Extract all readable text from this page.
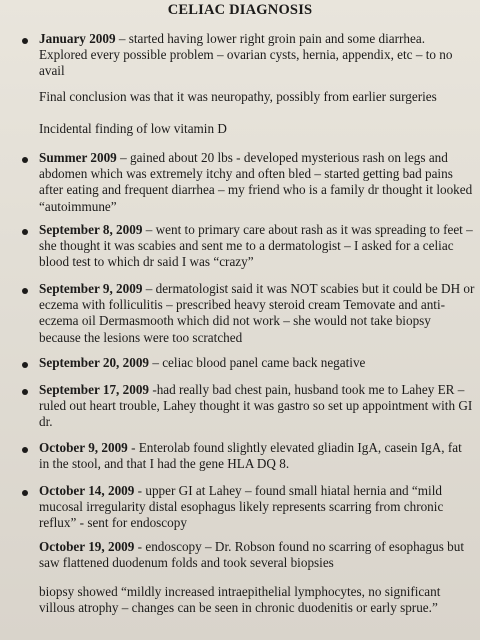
CELIAC DIAGNOSIS
January 2009 – started having lower right groin pain and some diarrhea. Explored every possible problem – ovarian cysts, hernia, appendix, etc – to no avail
Final conclusion was that it was neuropathy, possibly from earlier surgeries
Incidental finding of low vitamin D
Summer 2009 – gained about 20 lbs - developed mysterious rash on legs and abdomen which was extremely itchy and often bled – started getting bad pains after eating and frequent diarrhea – my friend who is a family dr thought it looked “autoimmune”
September 8, 2009 – went to primary care about rash as it was spreading to feet – she thought it was scabies and sent me to a dermatologist – I asked for a celiac blood test to which dr said I was “crazy”
September 9, 2009 – dermatologist said it was NOT scabies but it could be DH or eczema with folliculitis – prescribed heavy steroid cream Temovate and anti-eczema oil Dermasmooth which did not work – she would not take biopsy because the lesions were too scratched
September 20, 2009 – celiac blood panel came back negative
September 17, 2009 -had really bad chest pain, husband took me to Lahey ER – ruled out heart trouble, Lahey thought it was gastro so set up appointment with GI dr.
October 9, 2009 - Enterolab found slightly elevated gliadin IgA, casein IgA, fat in the stool, and that I had the gene HLA DQ 8.
October 14, 2009 - upper GI at Lahey – found small hiatal hernia and “mild mucosal irregularity distal esophagus likely represents scarring from chronic reflux” - sent for endoscopy
October 19, 2009 - endoscopy – Dr. Robson found no scarring of esophagus but saw flattened duodenum folds and took several biopsies
biopsy showed “mildly increased intraepithelial lymphocytes, no significant villous atrophy – changes can be seen in chronic duodenitis or early sprue.”
